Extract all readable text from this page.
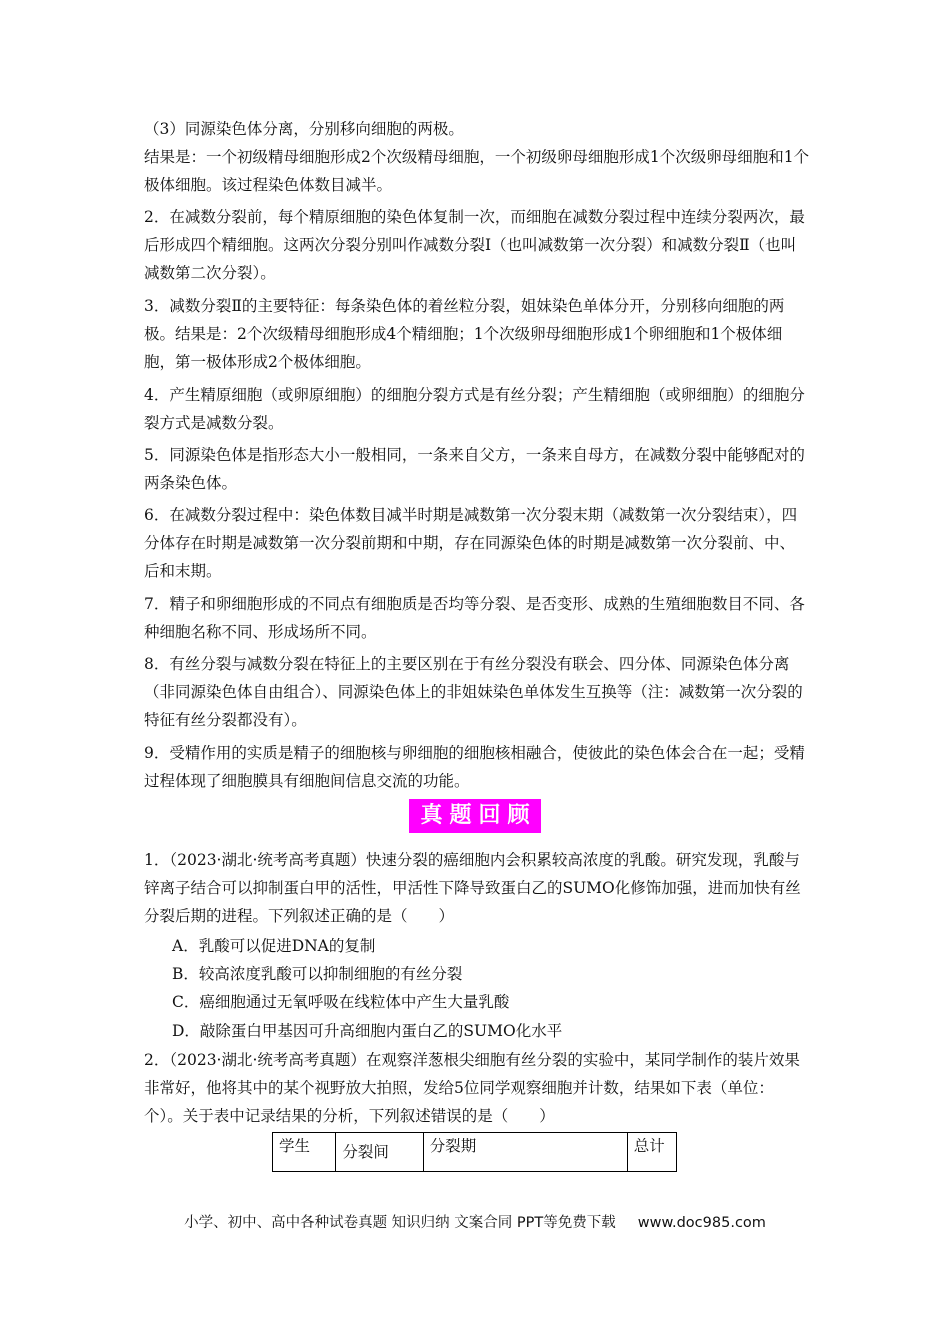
（3）同源染色体分离，分别移向细胞的两极。

结果是：一个初级精母细胞形成2个次级精母细胞，一个初级卵母细胞形成1个次级卵母细胞和1个极体细胞。该过程染色体数目减半。

2．在减数分裂前，每个精原细胞的染色体复制一次，而细胞在减数分裂过程中连续分裂两次，最后形成四个精细胞。这两次分裂分别叫作减数分裂Ⅰ（也叫减数第一次分裂）和减数分裂Ⅱ（也叫减数第二次分裂）。

3．减数分裂Ⅱ的主要特征：每条染色体的着丝粒分裂，姐妹染色单体分开，分别移向细胞的两极。结果是：2个次级精母细胞形成4个精细胞；1个次级卵母细胞形成1个卵细胞和1个极体细胞，第一极体形成2个极体细胞。

4．产生精原细胞（或卵原细胞）的细胞分裂方式是有丝分裂；产生精细胞（或卵细胞）的细胞分裂方式是减数分裂。

5．同源染色体是指形态大小一般相同，一条来自父方，一条来自母方，在减数分裂中能够配对的两条染色体。

6．在减数分裂过程中：染色体数目减半时期是减数第一次分裂末期（减数第一次分裂结束），四分体存在时期是减数第一次分裂前期和中期，存在同源染色体的时期是减数第一次分裂前、中、后和末期。

7．精子和卵细胞形成的不同点有细胞质是否均等分裂、是否变形、成熟的生殖细胞数目不同、各种细胞名称不同、形成场所不同。

8．有丝分裂与减数分裂在特征上的主要区别在于有丝分裂没有联会、四分体、同源染色体分离（非同源染色体自由组合）、同源染色体上的非姐妹染色单体发生互换等（注：减数第一次分裂的特征有丝分裂都没有）。

9．受精作用的实质是精子的细胞核与卵细胞的细胞核相融合，使彼此的染色体会合在一起；受精过程体现了细胞膜具有细胞间信息交流的功能。

真题回顾

1．（2023·湖北·统考高考真题）快速分裂的癌细胞内会积累较高浓度的乳酸。研究发现，乳酸与锌离子结合可以抑制蛋白甲的活性，甲活性下降导致蛋白乙的SUMO化修饰加强，进而加快有丝分裂后期的进程。下列叙述正确的是（　　）

A．乳酸可以促进DNA的复制

B．较高浓度乳酸可以抑制细胞的有丝分裂

C．癌细胞通过无氧呼吸在线粒体中产生大量乳酸

D．敲除蛋白甲基因可升高细胞内蛋白乙的SUMO化水平

2．（2023·湖北·统考高考真题）在观察洋葱根尖细胞有丝分裂的实验中，某同学制作的装片效果非常好，他将其中的某个视野放大拍照，发给5位同学观察细胞并计数，结果如下表（单位：个）。关于表中记录结果的分析，下列叙述错误的是（　　）

学生	分裂间	分裂期	总计
小学、初中、高中各种试卷真题 知识归纳 文案合同 PPT等免费下载 www.doc985.com
